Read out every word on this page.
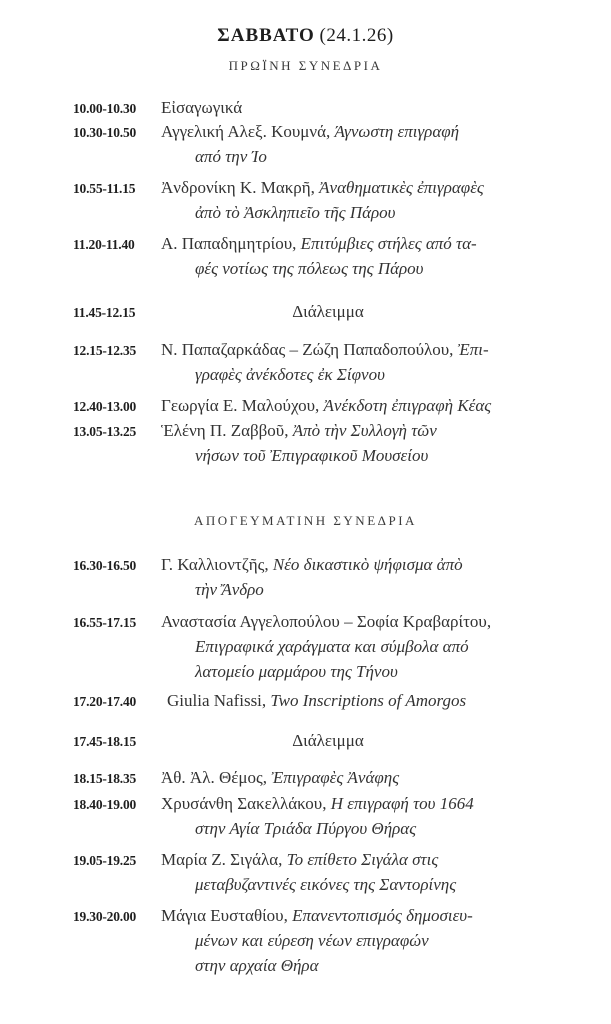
ΣΑΒΒΑΤΟ (24.1.26)
ΠΡΩΪΝΗ ΣΥΝΕΔΡΙΑ
10.00-10.30 Εἰσαγωγικά
10.30-10.50 Αγγελική Αλεξ. Κουμνά, Άγνωστη επιγραφή
από την Ίο
10.55-11.15 Ἀνδρονίκη Κ. Μακρῆ, Ἀναθηματικὲς ἐπιγραφὲς
ἀπὸ τὸ Ἀσκληπιεῖο τῆς Πάρου
11.20-11.40 Α. Παπαδημητρίου, Επιτύμβιες στήλες από τα-
φές νοτίως της πόλεως της Πάρου
11.45-12.15	Διάλειμμα
12.15-12.35 Ν. Παπαζαρκάδας – Ζώζη Παπαδοπούλου, Ἐπι-
γραφὲς ἀνέκδοτες ἐκ Σίφνου
12.40-13.00 Γεωργία Ε. Μαλούχου, Ἀνέκδοτη ἐπιγραφὴ Κέας
13.05-13.25 Ἑλένη Π. Ζαββοῦ, Ἀπὸ τὴν Συλλογὴ τῶν
νήσων τοῦ Ἐπιγραφικοῦ Μουσείου
ΑΠΟΓΕΥΜΑΤΙΝΗ ΣΥΝΕΔΡΙΑ
16.30-16.50 Γ. Καλλιοντζῆς, Νέο δικαστικὸ ψήφισμα ἀπὸ
τὴν Ἄνδρο
16.55-17.15 Αναστασία Αγγελοπούλου – Σοφία Κραβαρίτου,
Επιγραφικά χαράγματα και σύμβολα από
λατομείο μαρμάρου της Τήνου
17.20-17.40 Giulia Nafissi, Two Inscriptions of Amorgos
17.45-18.15	Διάλειμμα
18.15-18.35 Ἀθ. Ἀλ. Θέμος, Ἐπιγραφὲς Ἀνάφης
18.40-19.00 Χρυσάνθη Σακελλάκου, Η επιγραφή του 1664
στην Αγία Τριάδα Πύργου Θήρας
19.05-19.25 Μαρία Ζ. Σιγάλα, Το επίθετο Σιγάλα στις
μεταβυζαντινές εικόνες της Σαντορίνης
19.30-20.00 Μάγια Ευσταθίου, Επανεντοπισμός δημοσιευ-
μένων και εύρεση νέων επιγραφών
στην αρχαία Θήρα
